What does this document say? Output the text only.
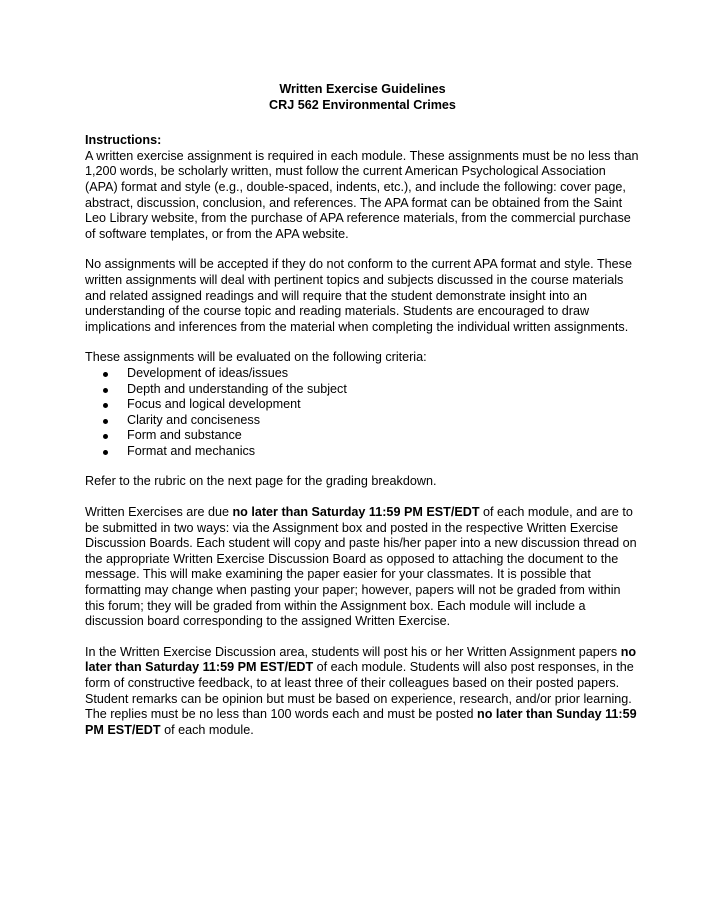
Written Exercise Guidelines

CRJ 562 Environmental Crimes

Instructions:

A written exercise assignment is required in each module. These assignments must be no less than 1,200 words, be scholarly written, must follow the current American Psychological Association (APA) format and style (e.g., double-spaced, indents, etc.), and include the following: cover page, abstract, discussion, conclusion, and references. The APA format can be obtained from the Saint Leo Library website, from the purchase of APA reference materials, from the commercial purchase of software templates, or from the APA website.

No assignments will be accepted if they do not conform to the current APA format and style. These written assignments will deal with pertinent topics and subjects discussed in the course materials and related assigned readings and will require that the student demonstrate insight into an understanding of the course topic and reading materials. Students are encouraged to draw implications and inferences from the material when completing the individual written assignments.

These assignments will be evaluated on the following criteria:

Development of ideas/issues
Depth and understanding of the subject
Focus and logical development
Clarity and conciseness
Form and substance
Format and mechanics

Refer to the rubric on the next page for the grading breakdown.

Written Exercises are due no later than Saturday 11:59 PM EST/EDT of each module, and are to be submitted in two ways: via the Assignment box and posted in the respective Written Exercise Discussion Boards. Each student will copy and paste his/her paper into a new discussion thread on the appropriate Written Exercise Discussion Board as opposed to attaching the document to the message. This will make examining the paper easier for your classmates. It is possible that formatting may change when pasting your paper; however, papers will not be graded from within this forum; they will be graded from within the Assignment box. Each module will include a discussion board corresponding to the assigned Written Exercise.

In the Written Exercise Discussion area, students will post his or her Written Assignment papers no later than Saturday 11:59 PM EST/EDT of each module. Students will also post responses, in the form of constructive feedback, to at least three of their colleagues based on their posted papers. Student remarks can be opinion but must be based on experience, research, and/or prior learning. The replies must be no less than 100 words each and must be posted no later than Sunday 11:59 PM EST/EDT of each module.
